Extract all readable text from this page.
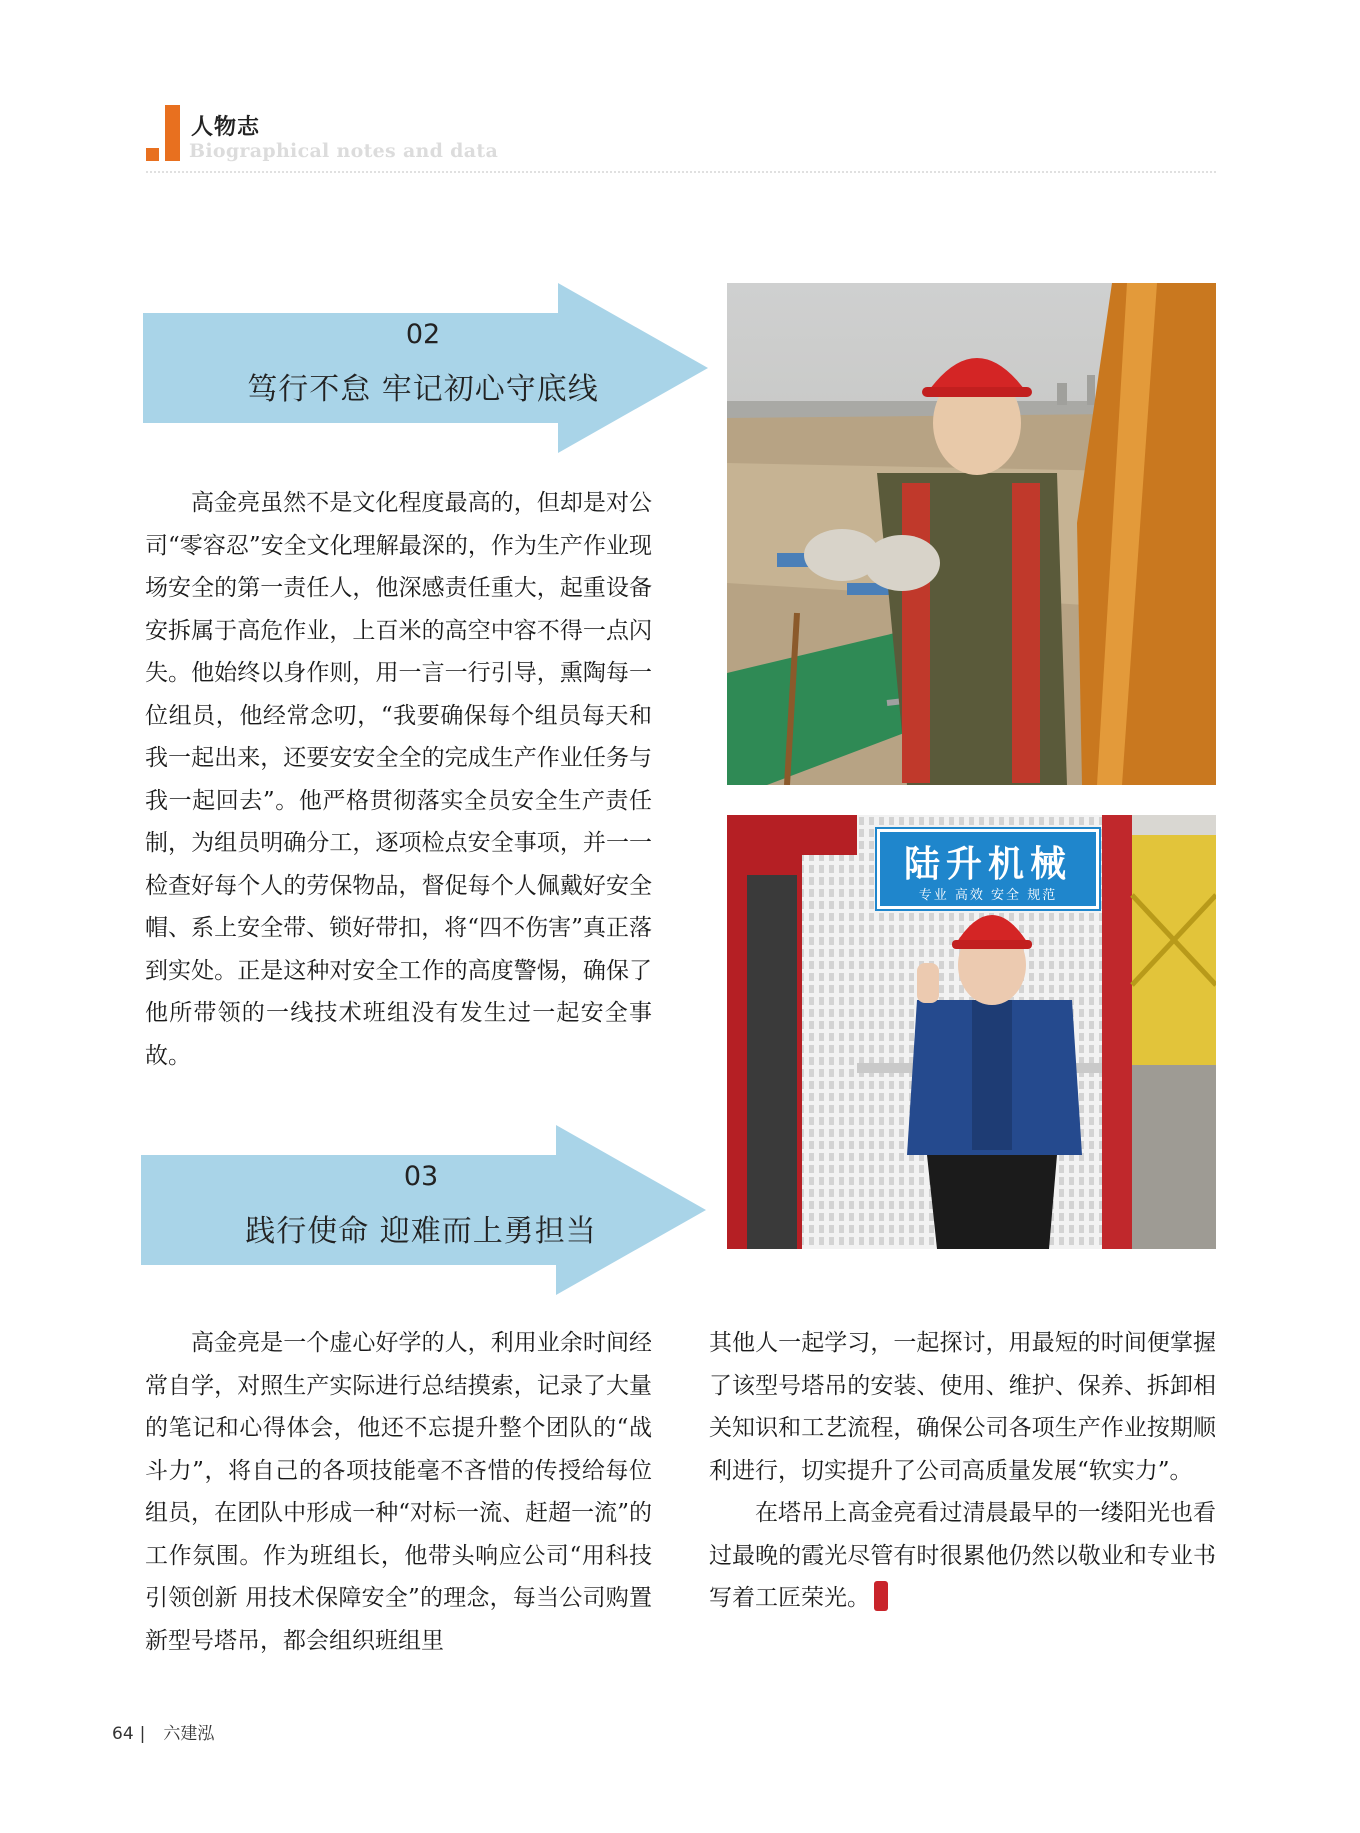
人物志
Biographical notes and data
02
笃行不怠 牢记初心守底线

高金亮虽然不是文化程度最高的，但却是对公司“零容忍”安全文化理解最深的，作为生产作业现场安全的第一责任人，他深感责任重大，起重设备安拆属于高危作业，上百米的高空中容不得一点闪失。他始终以身作则，用一言一行引导，熏陶每一位组员，他经常念叨，“我要确保每个组员每天和我一起出来，还要安安全全的完成生产作业任务与我一起回去”。他严格贯彻落实全员安全生产责任制，为组员明确分工，逐项检点安全事项，并一一检查好每个人的劳保物品，督促每个人佩戴好安全帽、系上安全带、锁好带扣，将“四不伤害”真正落到实处。正是这种对安全工作的高度警惕，确保了他所带领的一线技术班组没有发生过一起安全事故。

陆升机械
专业 高效 安全 规范
03
践行使命 迎难而上勇担当

高金亮是一个虚心好学的人，利用业余时间经常自学，对照生产实际进行总结摸索，记录了大量的笔记和心得体会，他还不忘提升整个团队的“战斗力”，将自己的各项技能毫不吝惜的传授给每位组员，在团队中形成一种“对标一流、赶超一流”的工作氛围。作为班组长，他带头响应公司“用科技引领创新 用技术保障安全”的理念，每当公司购置新型号塔吊，都会组织班组里

其他人一起学习，一起探讨，用最短的时间便掌握了该型号塔吊的安装、使用、维护、保养、拆卸相关知识和工艺流程，确保公司各项生产作业按期顺利进行，切实提升了公司高质量发展“软实力”。

在塔吊上高金亮看过清晨最早的一缕阳光也看过最晚的霞光尽管有时很累他仍然以敬业和专业书写着工匠荣光。

64 | 六建泓
